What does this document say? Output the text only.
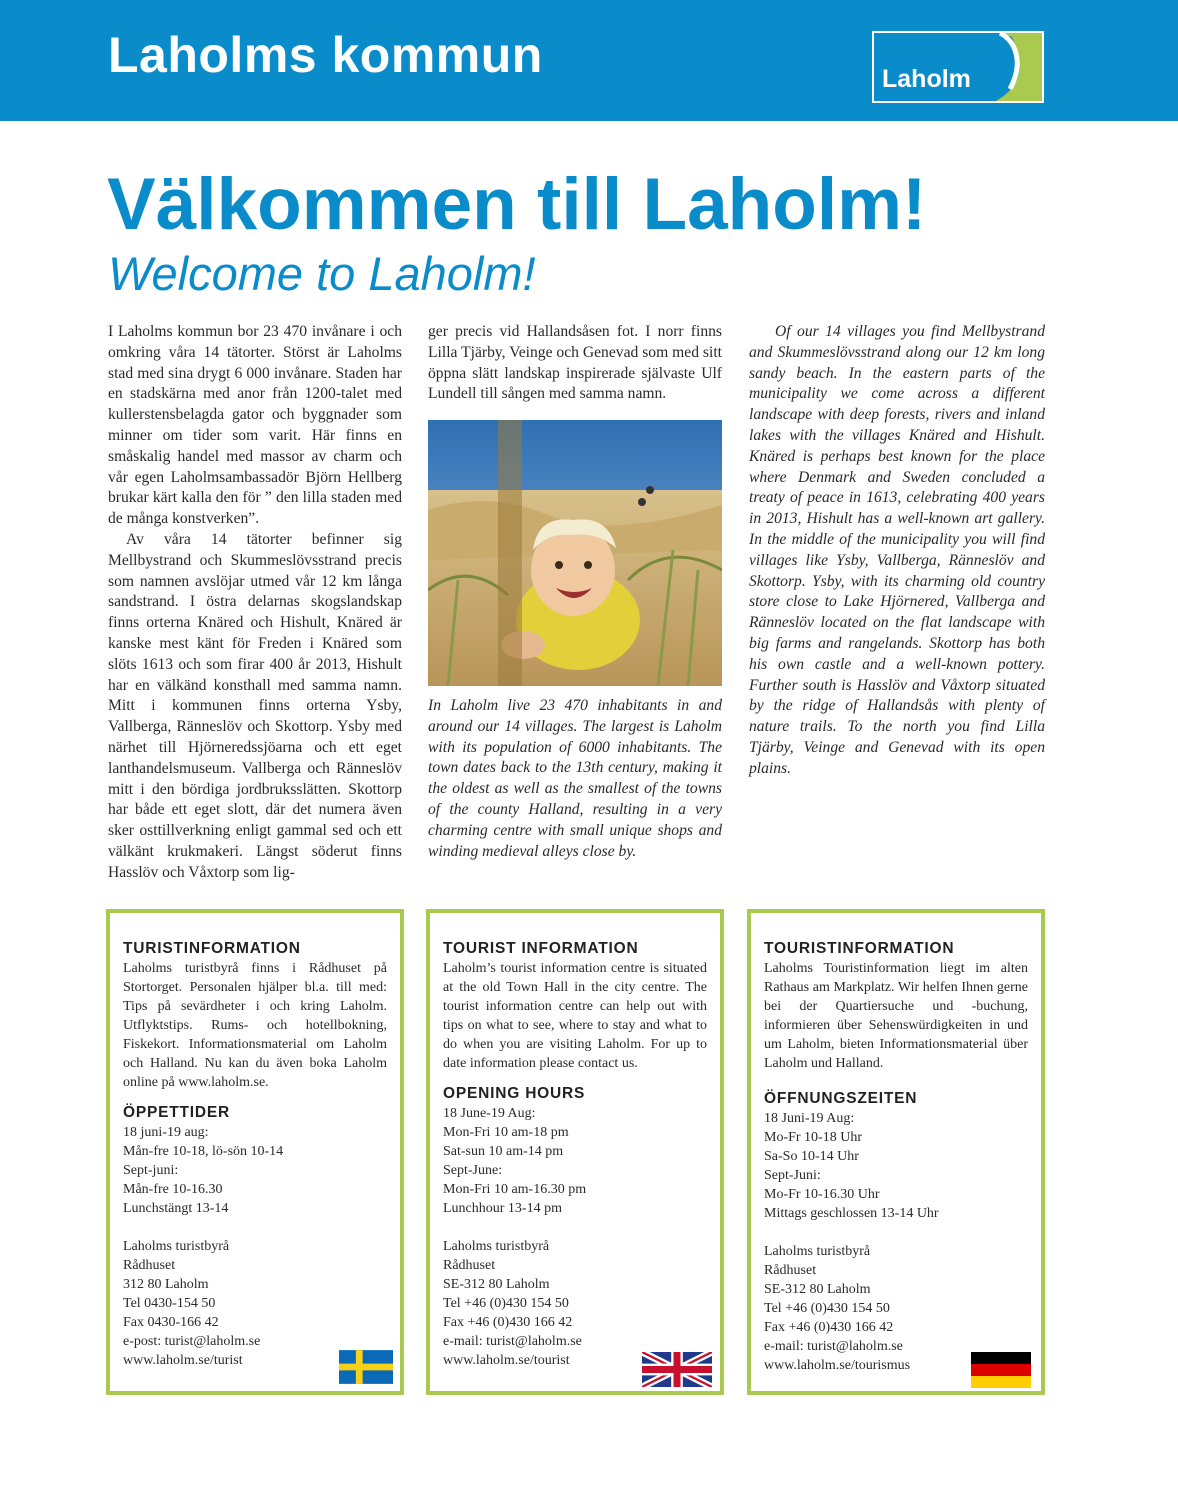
Laholms kommun	Laholm
Välkommen till Laholm!
Welcome to Laholm!

I Laholms kommun bor 23 470 invånare i och omkring våra 14 tätorter. Störst är Laholms stad med sina drygt 6 000 invånare. Staden har en stadskärna med anor från 1200-talet med kullerstensbelagda gator och byggnader som minner om tider som varit. Här finns en småskalig handel med massor av charm och vår egen Laholmsambassadör Björn Hellberg brukar kärt kalla den för ” den lilla staden med de många konstverken”.

Av våra 14 tätorter befinner sig Mellbystrand och Skummeslövsstrand precis som namnen avslöjar utmed vår 12 km långa sandstrand. I östra delarnas skogslandskap finns orterna Knäred och Hishult, Knäred är kanske mest känt för Freden i Knäred som slöts 1613 och som firar 400 år 2013, Hishult har en välkänd konsthall med samma namn. Mitt i kommunen finns orterna Ysby, Vallberga, Ränneslöv och Skottorp. Ysby med närhet till Hjörneredssjöarna och ett eget lanthandelsmuseum. Vallberga och Ränneslöv mitt i den bördiga jordbruksslätten. Skottorp har både ett eget slott, där det numera även sker osttillverkning enligt gammal sed och ett välkänt krukmakeri. Längst söderut finns Hasslöv och Våxtorp som lig-

ger precis vid Hallandsåsen fot. I norr finns Lilla Tjärby, Veinge och Genevad som med sitt öppna slätt landskap inspirerade självaste Ulf Lundell till sången med samma namn.

In Laholm live 23 470 inhabitants in and around our 14 villages. The largest is Laholm with its population of 6000 inhabitants. The town dates back to the 13th century, making it the oldest as well as the smallest of the towns of the county Halland, resulting in a very charming centre with small unique shops and winding medieval alleys close by.

Of our 14 villages you find Mellbystrand and Skummeslövsstrand along our 12 km long sandy beach. In the eastern parts of the municipality we come across a different landscape with deep forests, rivers and inland lakes with the villages Knäred and Hishult. Knäred is perhaps best known for the place where Denmark and Sweden concluded a treaty of peace in 1613, celebrating 400 years in 2013, Hishult has a well-known art gallery. In the middle of the municipality you will find villages like Ysby, Vallberga, Ränneslöv and Skottorp. Ysby, with its charming old country store close to Lake Hjörnered, Vallberga and Ränneslöv located on the flat landscape with big farms and rangelands. Skottorp has both his own castle and a well-known pottery. Further south is Hasslöv and Våxtorp situated by the ridge of Hallandsås with plenty of nature trails. To the north you find Lilla Tjärby, Veinge and Genevad with its open plains.

TURISTINFORMATION
Laholms turistbyrå finns i Rådhuset på Stortorget. Personalen hjälper bl.a. till med: Tips på sevärdheter i och kring Laholm. Utflyktstips. Rums- och hotellbokning, Fiskekort. Informationsmaterial om Laholm och Halland. Nu kan du även boka Laholm online på www.laholm.se.
ÖPPETTIDER
18 juni-19 aug:
Mån-fre 10-18, lö-sön 10-14
Sept-juni:
Mån-fre 10-16.30
Lunchstängt 13-14
Laholms turistbyrå
Rådhuset
312 80 Laholm
Tel 0430-154 50
Fax 0430-166 42
e-post: turist@laholm.se
www.laholm.se/turist
TOURIST INFORMATION
Laholm’s tourist information centre is situated at the old Town Hall in the city centre. The tourist information centre can help out with tips on what to see, where to stay and what to do when you are visiting Laholm. For up to date information please contact us.
OPENING HOURS
18 June-19 Aug:
Mon-Fri 10 am-18 pm
Sat-sun 10 am-14 pm
Sept-June:
Mon-Fri 10 am-16.30 pm
Lunchhour 13-14 pm
Laholms turistbyrå
Rådhuset
SE-312 80 Laholm
Tel +46 (0)430 154 50
Fax +46 (0)430 166 42
e-mail: turist@laholm.se
www.laholm.se/tourist
TOURISTINFORMATION
Laholms Touristinformation liegt im alten Rathaus am Markplatz. Wir helfen Ihnen gerne bei der Quartiersuche und -buchung, informieren über Sehenswürdigkeiten in und um Laholm, bieten Informationsmaterial über Laholm und Halland.
ÖFFNUNGSZEITEN
18 Juni-19 Aug:
Mo-Fr 10-18 Uhr
Sa-So 10-14 Uhr
Sept-Juni:
Mo-Fr 10-16.30 Uhr
Mittags geschlossen 13-14 Uhr
Laholms turistbyrå
Rådhuset
SE-312 80 Laholm
Tel +46 (0)430 154 50
Fax +46 (0)430 166 42
e-mail: turist@laholm.se
www.laholm.se/tourismus
